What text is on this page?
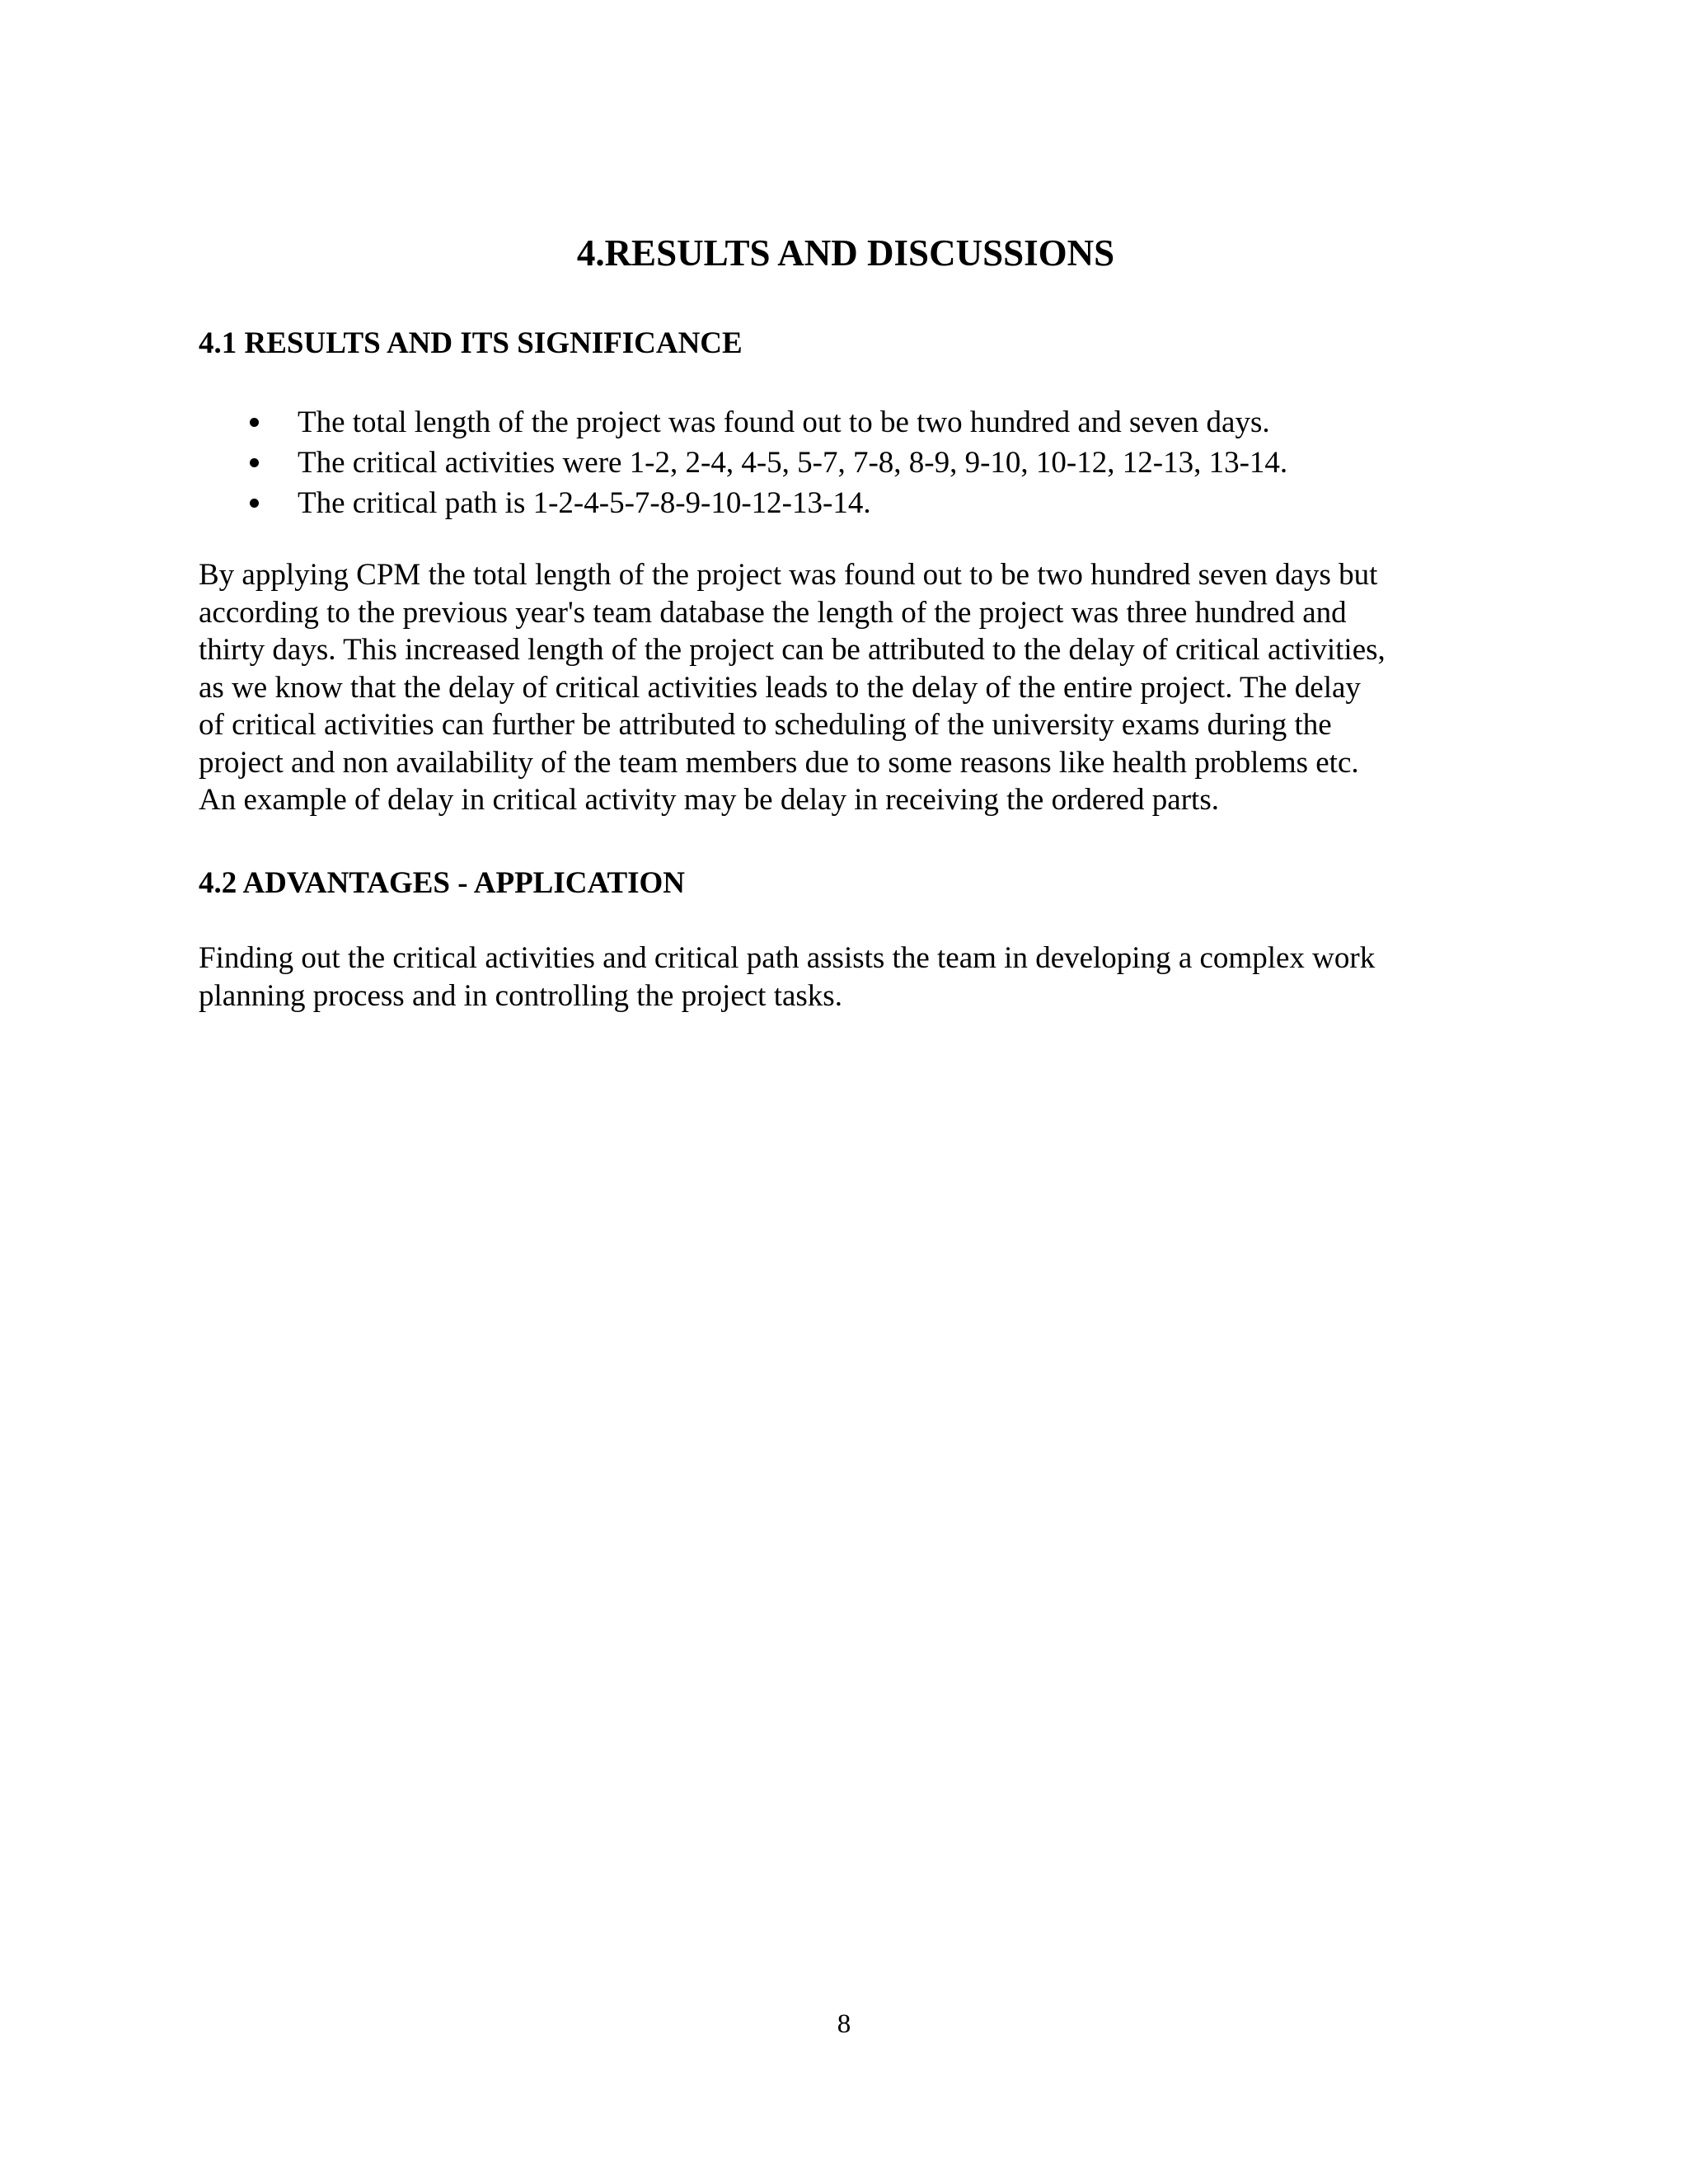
4.RESULTS AND DISCUSSIONS
4.1 RESULTS AND ITS SIGNIFICANCE
The total length of the project was found out to be two hundred and seven days.
The critical activities were 1-2, 2-4, 4-5, 5-7, 7-8, 8-9, 9-10, 10-12, 12-13, 13-14.
The critical path is 1-2-4-5-7-8-9-10-12-13-14.

By applying CPM the total length of the project was found out to be two hundred seven days but
according to the previous year's team database the length of the project was three hundred and
thirty days. This increased length of the project can be attributed to the delay of critical activities,
as we know that the delay of critical activities leads to the delay of the entire project. The delay
of critical activities can further be attributed to scheduling of the university exams during the
project and non availability of the team members due to some reasons like health problems etc.
An example of delay in critical activity may be delay in receiving the ordered parts.

4.2 ADVANTAGES - APPLICATION

Finding out the critical activities and critical path assists the team in developing a complex work
planning process and in controlling the project tasks.

8
